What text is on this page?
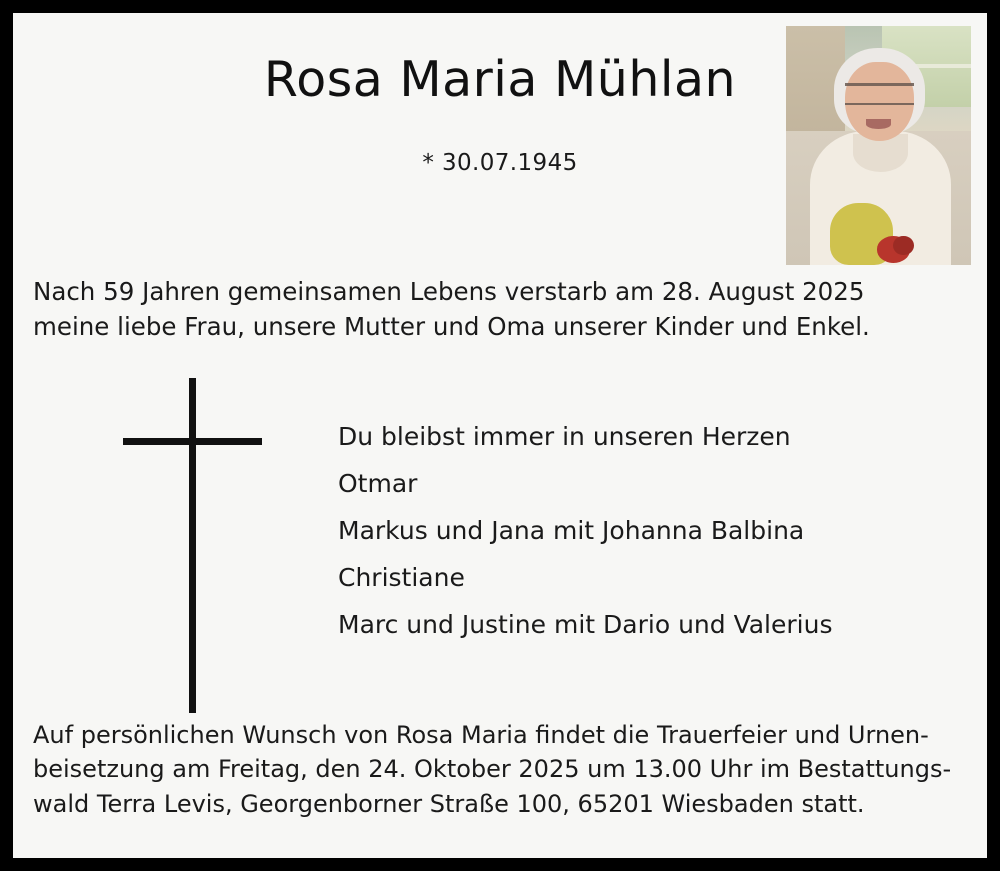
Rosa Maria Mühlan
* 30.07.1945
Nach 59 Jahren gemeinsamen Lebens verstarb am 28. August 2025
meine liebe Frau, unsere Mutter und Oma unserer Kinder und Enkel.
Du bleibst immer in unseren Herzen
Otmar
Markus und Jana mit Johanna Balbina
Christiane
Marc und Justine mit Dario und Valerius
Auf persönlichen Wunsch von Rosa Maria findet die Trauerfeier und Urnen-
beisetzung am Freitag, den 24. Oktober 2025 um 13.00 Uhr im Bestattungs-
wald Terra Levis, Georgenborner Straße 100, 65201 Wiesbaden statt.
